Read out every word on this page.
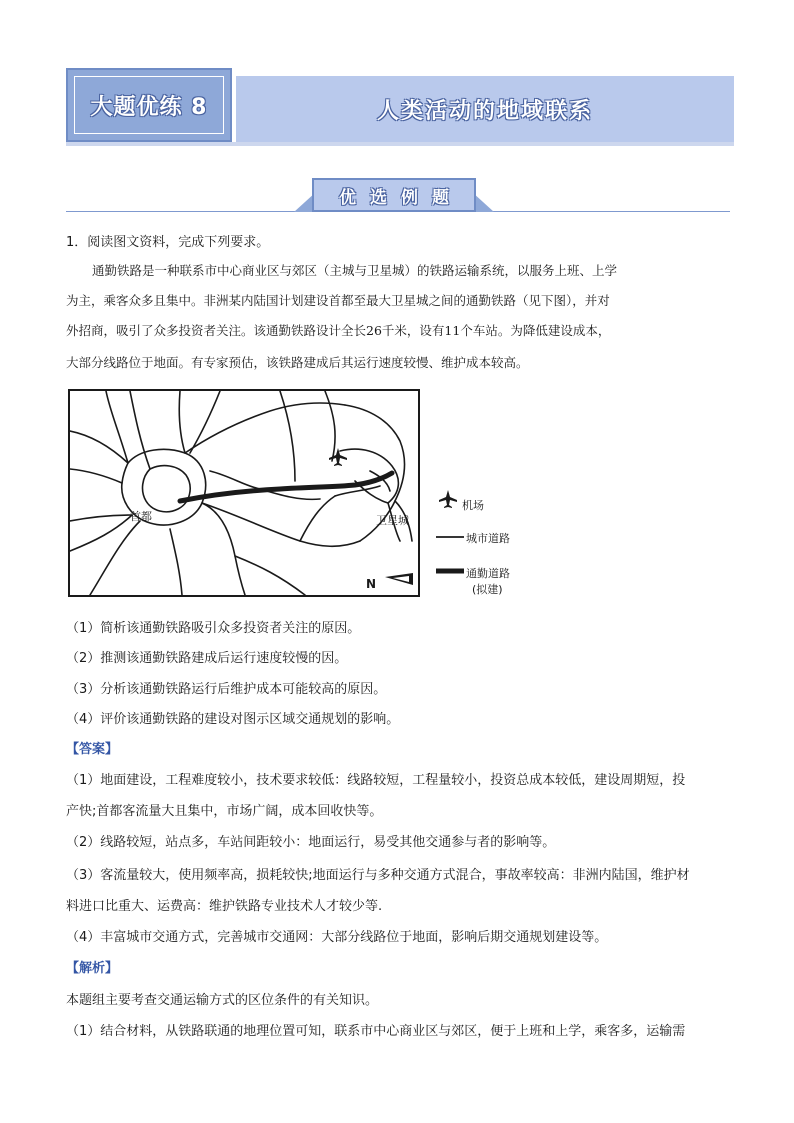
大题优练 8	人类活动的地域联系
优选例题
1．阅读图文资料，完成下列要求。
通勤铁路是一种联系市中心商业区与郊区（主城与卫星城）的铁路运输系统，以服务上班、上学
为主，乘客众多且集中。非洲某内陆国计划建设首都至最大卫星城之间的通勤铁路（见下图），并对
外招商，吸引了众多投资者关注。该通勤铁路设计全长26千米，设有11个车站。为降低建设成本，
大部分线路位于地面。有专家预估，该铁路建成后其运行速度较慢、维护成本较高。
首都	卫星城
N
机场
城市道路
通勤道路
(拟建)
（1）简析该通勤铁路吸引众多投资者关注的原因。
（2）推测该通勤铁路建成后运行速度较慢的因。
（3）分析该通勤铁路运行后维护成本可能较高的原因。
（4）评价该通勤铁路的建设对图示区域交通规划的影响。
【答案】
（1）地面建设，工程难度较小，技术要求较低：线路较短，工程量较小，投资总成本较低，建设周期短，投
产快;首都客流量大且集中，市场广阔，成本回收快等。
（2）线路较短，站点多，车站间距较小：地面运行，易受其他交通参与者的影响等。
（3）客流量较大，使用频率高，损耗较快;地面运行与多种交通方式混合，事故率较高：非洲内陆国，维护材
料进口比重大、运费高：维护铁路专业技术人才较少等.
（4）丰富城市交通方式，完善城市交通网：大部分线路位于地面，影响后期交通规划建设等。
【解析】
本题组主要考查交通运输方式的区位条件的有关知识。
（1）结合材料，从铁路联通的地理位置可知，联系市中心商业区与郊区，便于上班和上学，乘客多，运输需
